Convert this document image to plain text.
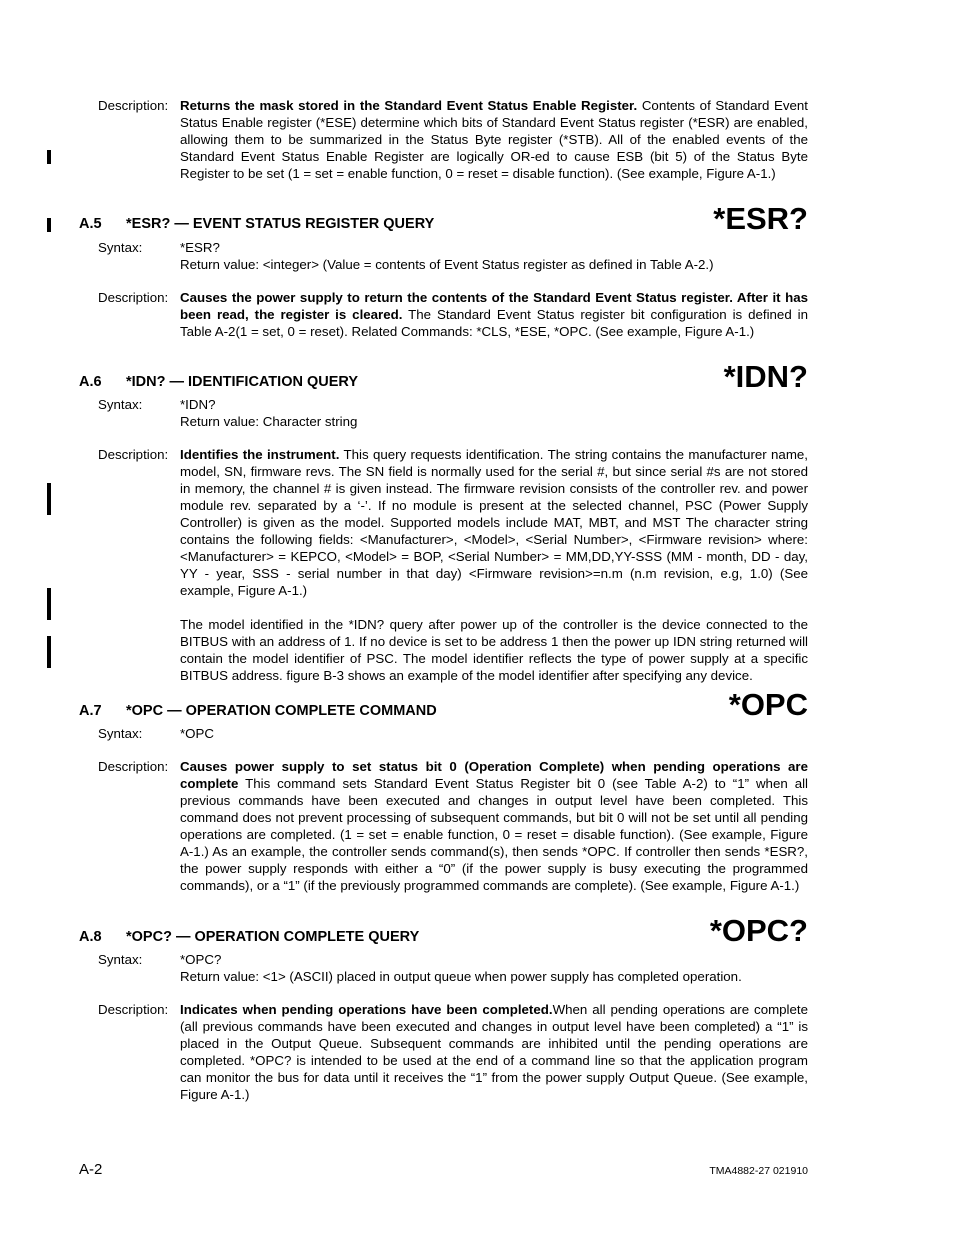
Description: Returns the mask stored in the Standard Event Status Enable Register. Contents of Standard Event Status Enable register (*ESE) determine which bits of Standard Event Status register (*ESR) are enabled, allowing them to be summarized in the Status Byte register (*STB). All of the enabled events of the Standard Event Status Enable Register are logically OR-ed to cause ESB (bit 5) of the Status Byte Register to be set (1 = set = enable function, 0 = reset = disable function). (See example, Figure A-1.)
A.5 *ESR? — EVENT STATUS REGISTER QUERY	*ESR?
Syntax:	*ESR?
Return value: <integer> (Value = contents of Event Status register as defined in Table A-2.)
Description: Causes the power supply to return the contents of the Standard Event Status register. After it has been read, the register is cleared. The Standard Event Status register bit configuration is defined in Table A-2(1 = set, 0 = reset). Related Commands: *CLS, *ESE, *OPC. (See example, Figure A-1.)
A.6 *IDN? — IDENTIFICATION QUERY	*IDN?
Syntax:	*IDN?
Return value: Character string
Description: Identifies the instrument. This query requests identification. The string contains the manufacturer name, model, SN, firmware revs. The SN field is normally used for the serial #, but since serial #s are not stored in memory, the channel # is given instead. The firmware revision consists of the controller rev. and power module rev. separated by a ‘-’. If no module is present at the selected channel, PSC (Power Supply Controller) is given as the model. Supported models include MAT, MBT, and MST The character string contains the following fields: <Manufacturer>, <Model>, <Serial Number>, <Firmware revision> where: <Manufacturer> = KEPCO, <Model> = BOP, <Serial Number> = MM,DD,YY-SSS (MM - month, DD - day, YY - year, SSS - serial number in that day) <Firmware revision>=n.m (n.m revision, e.g, 1.0) (See example, Figure A-1.)

The model identified in the *IDN? query after power up of the controller is the device connected to the BITBUS with an address of 1. If no device is set to be address 1 then the power up IDN string returned will contain the model identifier of PSC. The model identifier reflects the type of power supply at a specific BITBUS address. figure B-3 shows an example of the model identifier after specifying any device.

A.7 *OPC — OPERATION COMPLETE COMMAND	*OPC
Syntax:	*OPC
Description: Causes power supply to set status bit 0 (Operation Complete) when pending operations are complete This command sets Standard Event Status Register bit 0 (see Table A-2) to “1” when all previous commands have been executed and changes in output level have been completed. This command does not prevent processing of subsequent commands, but bit 0 will not be set until all pending operations are completed. (1 = set = enable function, 0 = reset = disable function). (See example, Figure A-1.) As an example, the controller sends command(s), then sends *OPC. If controller then sends *ESR?, the power supply responds with either a “0” (if the power supply is busy executing the programmed commands), or a “1” (if the previously programmed commands are complete). (See example, Figure A-1.)
A.8 *OPC? — OPERATION COMPLETE QUERY	*OPC?
Syntax:	*OPC?
Return value: <1> (ASCII) placed in output queue when power supply has completed operation.
Description: Indicates when pending operations have been completed.When all pending operations are complete (all previous commands have been executed and changes in output level have been completed) a “1” is placed in the Output Queue. Subsequent commands are inhibited until the pending operations are completed. *OPC? is intended to be used at the end of a command line so that the application program can monitor the bus for data until it receives the “1” from the power supply Output Queue. (See example, Figure A-1.)
A-2	TMA4882-27 021910
